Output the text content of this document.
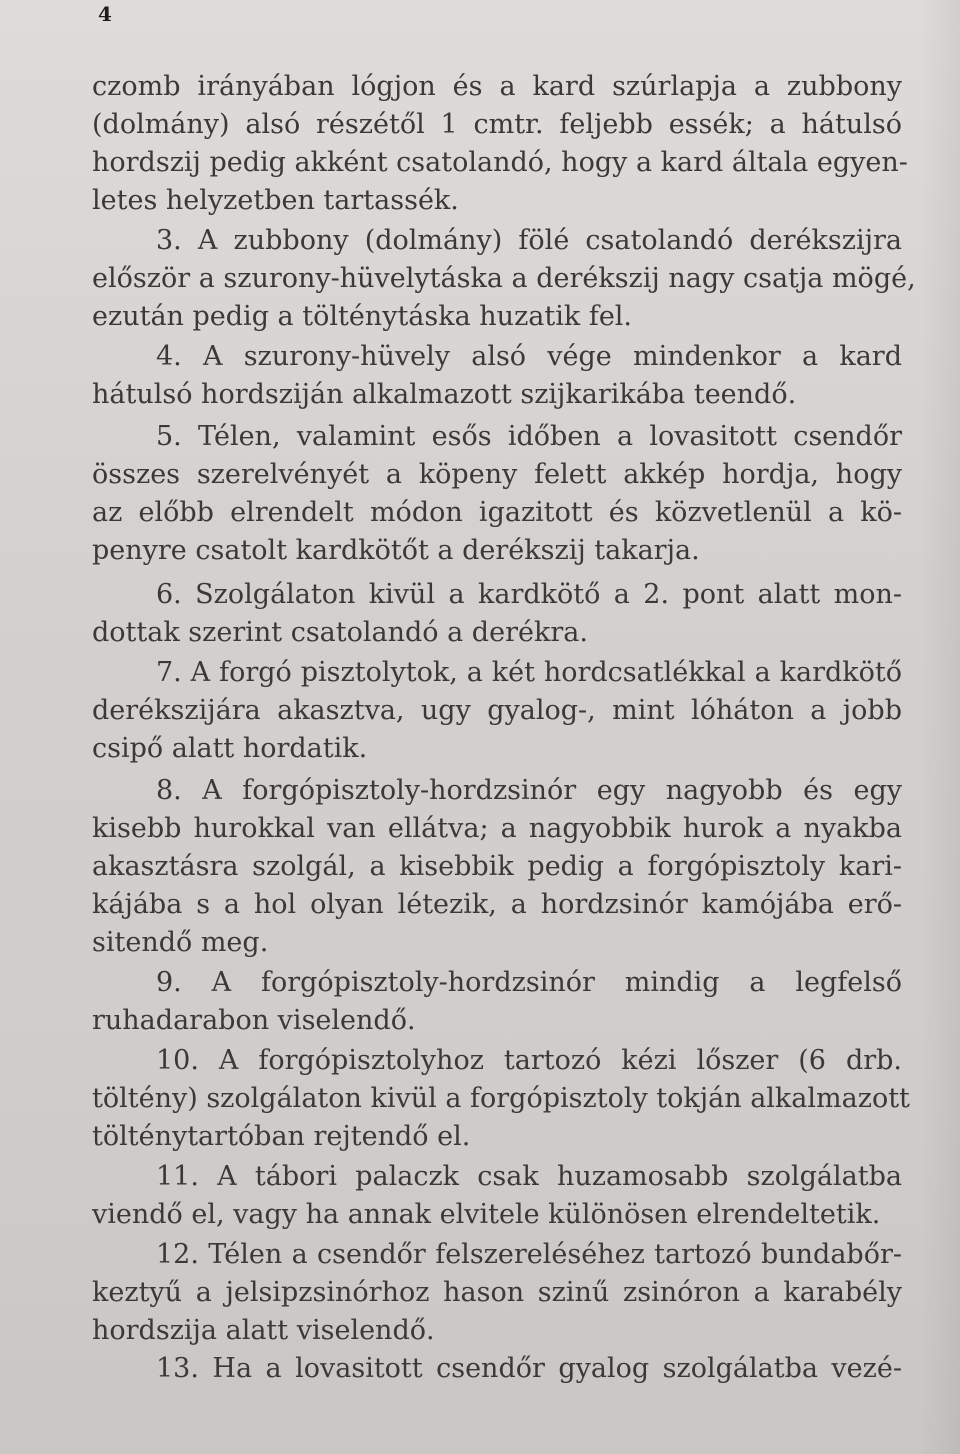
4
czomb irányában lógjon és a kard szúrlapja a zubbony
(dolmány) alsó részétől 1 cmtr. feljebb essék; a hátulsó
hordszij pedig akként csatolandó, hogy a kard általa egyen-
letes helyzetben tartassék.
3. A zubbony (dolmány) fölé csatolandó derékszijra
először a szurony-hüvelytáska a derékszij nagy csatja mögé,
ezután pedig a tölténytáska huzatik fel.
4. A szurony-hüvely alsó vége mindenkor a kard
hátulsó hordsziján alkalmazott szijkarikába teendő.
5. Télen, valamint esős időben a lovasitott csendőr
összes szerelvényét a köpeny felett akkép hordja, hogy
az előbb elrendelt módon igazitott és közvetlenül a kö-
penyre csatolt kardkötőt a derékszij takarja.
6. Szolgálaton kivül a kardkötő a 2. pont alatt mon-
dottak szerint csatolandó a derékra.
7. A forgó pisztolytok, a két hordcsatlékkal a kardkötő
derékszijára akasztva, ugy gyalog-, mint lóháton a jobb
csipő alatt hordatik.
8. A forgópisztoly-hordzsinór egy nagyobb és egy
kisebb hurokkal van ellátva; a nagyobbik hurok a nyakba
akasztásra szolgál, a kisebbik pedig a forgópisztoly kari-
kájába s a hol olyan létezik, a hordzsinór kamójába erő-
sitendő meg.
9. A forgópisztoly-hordzsinór mindig a legfelső
ruhadarabon viselendő.
10. A forgópisztolyhoz tartozó kézi lőszer (6 drb.
töltény) szolgálaton kivül a forgópisztoly tokján alkalmazott
tölténytartóban rejtendő el.
11. A tábori palaczk csak huzamosabb szolgálatba
viendő el, vagy ha annak elvitele különösen elrendeltetik.
12. Télen a csendőr felszereléséhez tartozó bundabőr-
keztyű a jelsipzsinórhoz hason szinű zsinóron a karabély
hordszija alatt viselendő.
13. Ha a lovasitott csendőr gyalog szolgálatba vezé-
